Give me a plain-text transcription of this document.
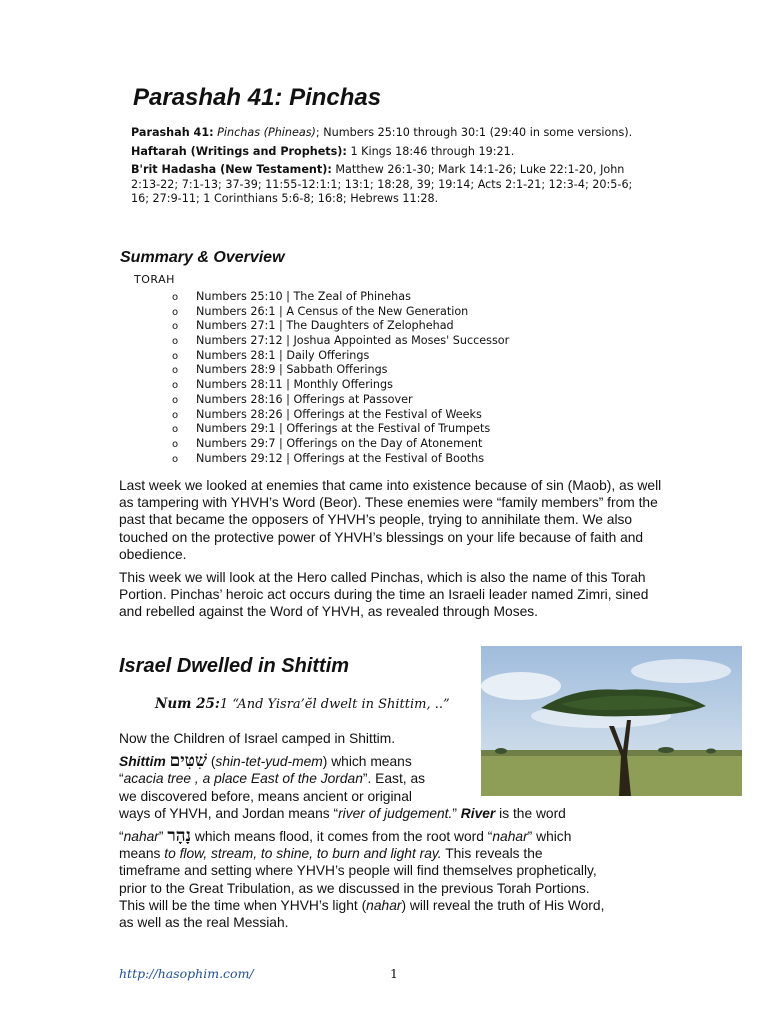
Parashah 41: Pinchas

Parashah 41: Pinchas (Phineas); Numbers 25:10 through 30:1 (29:40 in some versions).

Haftarah (Writings and Prophets): 1 Kings 18:46 through 19:21.

B'rit Hadasha (New Testament): Matthew 26:1-30; Mark 14:1-26; Luke 22:1-20, John 2:13-22; 7:1-13; 37-39; 11:55-12:1:1; 13:1; 18:28, 39; 19:14; Acts 2:1-21; 12:3-4; 20:5-6; 16; 27:9-11; 1 Corinthians 5:6-8; 16:8; Hebrews 11:28.

Summary & Overview
TORAH
o Numbers 25:10 | The Zeal of Phinehas
o Numbers 26:1 | A Census of the New Generation
o Numbers 27:1 | The Daughters of Zelophehad
o Numbers 27:12 | Joshua Appointed as Moses' Successor
o Numbers 28:1 | Daily Offerings
o Numbers 28:9 | Sabbath Offerings
o Numbers 28:11 | Monthly Offerings
o Numbers 28:16 | Offerings at Passover
o Numbers 28:26 | Offerings at the Festival of Weeks
o Numbers 29:1 | Offerings at the Festival of Trumpets
o Numbers 29:7 | Offerings on the Day of Atonement
o Numbers 29:12 | Offerings at the Festival of Booths

Last week we looked at enemies that came into existence because of sin (Maob), as well as tampering with YHVH’s Word (Beor). These enemies were “family members” from the past that became the opposers of YHVH’s people, trying to annihilate them. We also touched on the protective power of YHVH’s blessings on your life because of faith and obedience.

This week we will look at the Hero called Pinchas, which is also the name of this Torah Portion. Pinchas’ heroic act occurs during the time an Israeli leader named Zimri, sined and rebelled against the Word of YHVH, as revealed through Moses.

Israel Dwelled in Shittim
Num 25:1 “And Yisra’ĕl dwelt in Shittim, ..”

Now the Children of Israel camped in Shittim.

Shittim שִׁטִּים (shin-tet-yud-mem) which means

“acacia tree , a place East of the Jordan”. East, as

we discovered before, means ancient or original

ways of YHVH, and Jordan means “river of judgement.” River is the word

“nahar” נָהָר which means flood, it comes from the root word “nahar” which

means to flow, stream, to shine, to burn and light ray. This reveals the

timeframe and setting where YHVH’s people will find themselves prophetically,

prior to the Great Tribulation, as we discussed in the previous Torah Portions.

This will be the time when YHVH’s light (nahar) will reveal the truth of His Word,

as well as the real Messiah.

http://hasophim.com/	1
